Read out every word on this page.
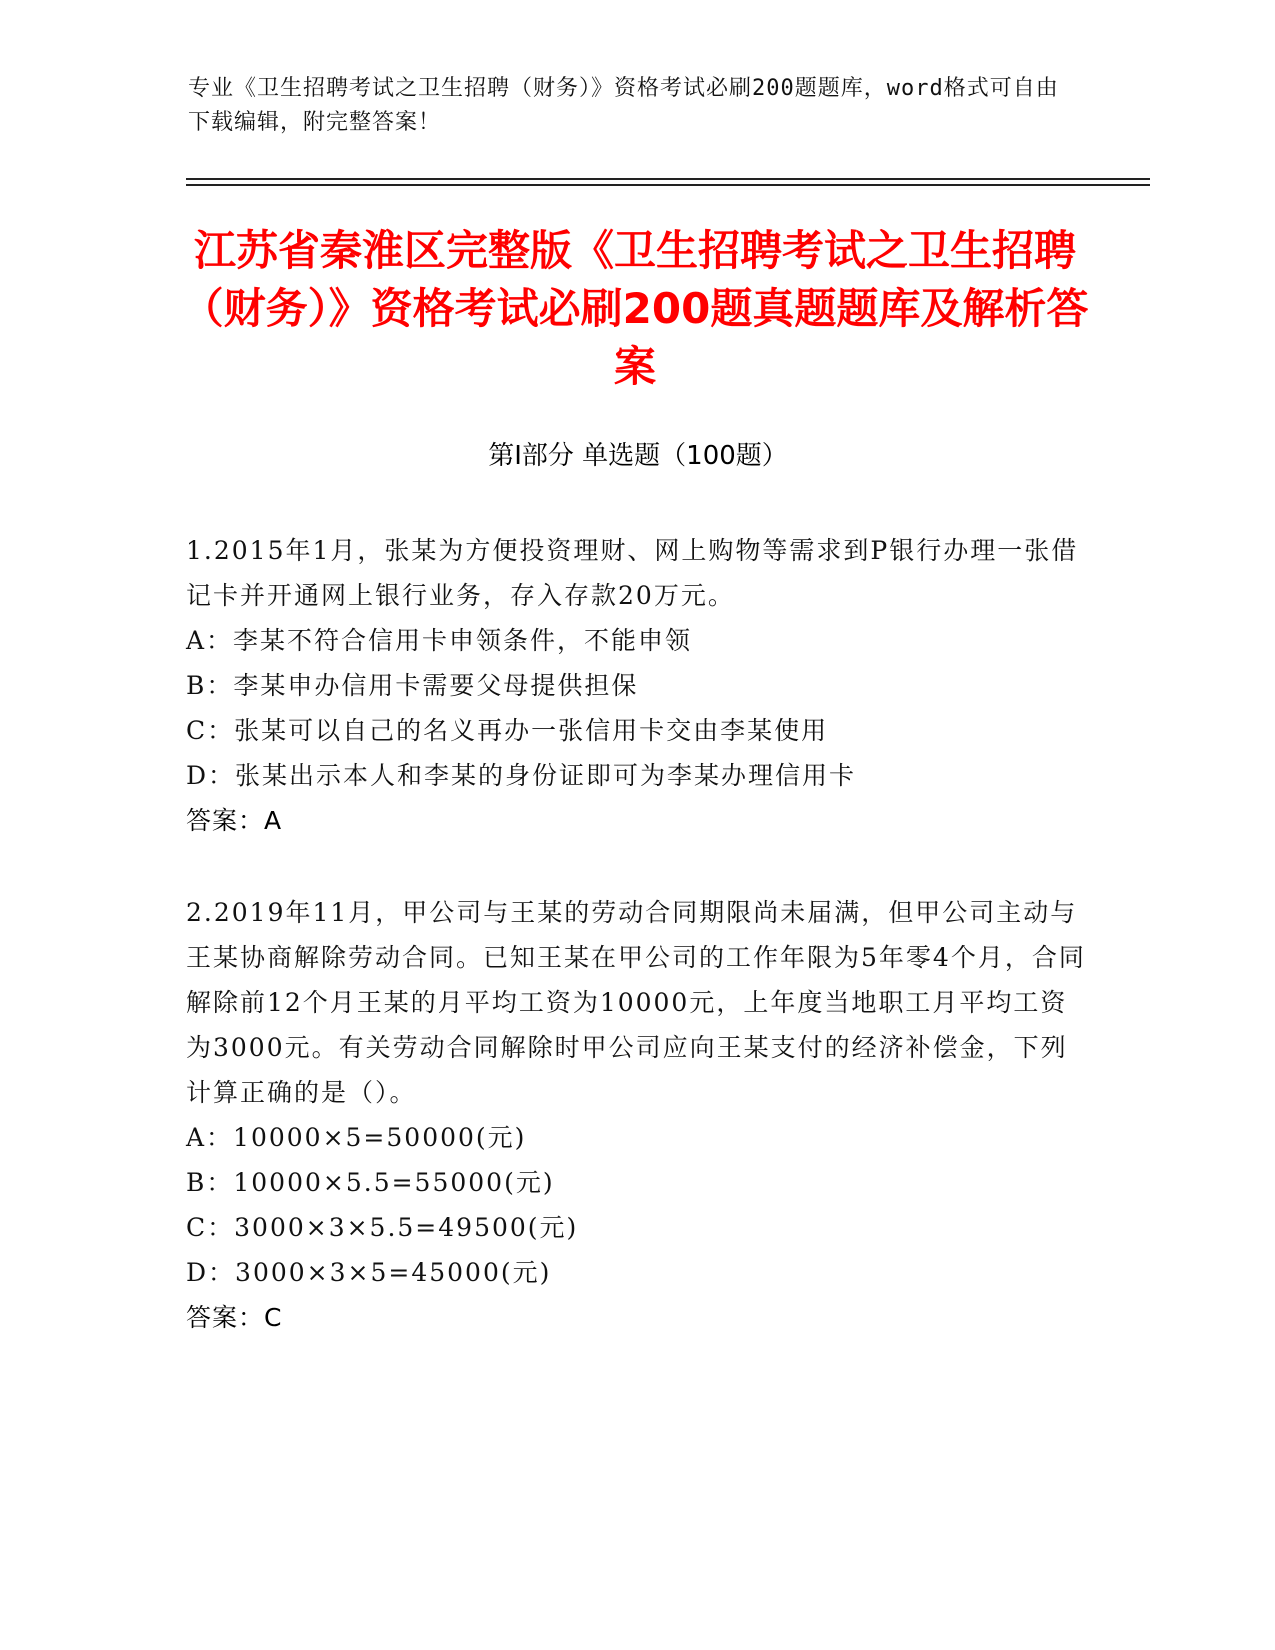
专业《卫生招聘考试之卫生招聘（财务）》资格考试必刷200题题库，word格式可自由下载编辑，附完整答案！
江苏省秦淮区完整版《卫生招聘考试之卫生招聘（财务）》资格考试必刷200题真题题库及解析答案
第Ⅰ部分 单选题（100题）
1.2015年1月，张某为方便投资理财、网上购物等需求到P银行办理一张借记卡并开通网上银行业务，存入存款20万元。
A：李某不符合信用卡申领条件，不能申领
B：李某申办信用卡需要父母提供担保
C：张某可以自己的名义再办一张信用卡交由李某使用
D：张某出示本人和李某的身份证即可为李某办理信用卡
答案：A
2.2019年11月，甲公司与王某的劳动合同期限尚未届满，但甲公司主动与王某协商解除劳动合同。已知王某在甲公司的工作年限为5年零4个月，合同解除前12个月王某的月平均工资为10000元，上年度当地职工月平均工资为3000元。有关劳动合同解除时甲公司应向王某支付的经济补偿金，下列计算正确的是（）。
A：10000×5=50000(元)
B：10000×5.5=55000(元)
C：3000×3×5.5=49500(元)
D：3000×3×5=45000(元)
答案：C
